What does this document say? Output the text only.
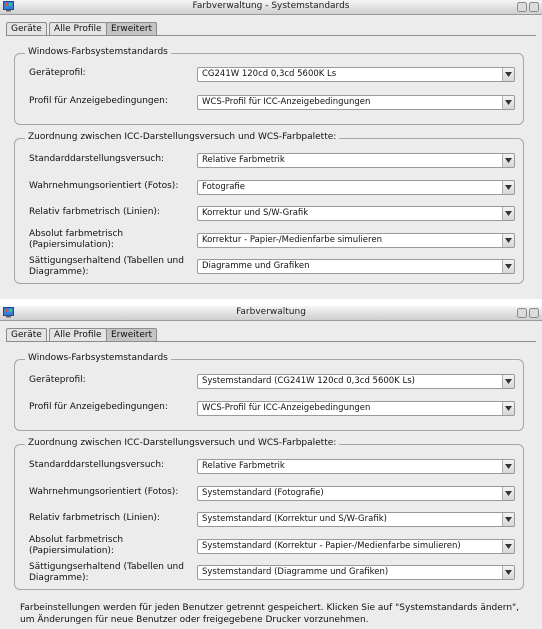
Farbverwaltung - Systemstandards
Geräte	Alle Profile	Erweitert
Windows-Farbsystemstandards
Geräteprofil:	CG241W 120cd 0,3cd 5600K Ls
Profil für Anzeigebedingungen:	WCS-Profil für ICC-Anzeigebedingungen
Zuordnung zwischen ICC-Darstellungsversuch und WCS-Farbpalette:
Standarddarstellungsversuch:	Relative Farbmetrik
Wahrnehmungsorientiert (Fotos):	Fotografie
Relativ farbmetrisch (Linien):	Korrektur und S/W-Grafik
Absolut farbmetrisch (Papiersimulation):	Korrektur - Papier-/Medienfarbe simulieren
Sättigungserhaltend (Tabellen und Diagramme):
Diagramme und Grafiken
Farbverwaltung
Geräte	Alle Profile	Erweitert
Windows-Farbsystemstandards
Geräteprofil:	Systemstandard (CG241W 120cd 0,3cd 5600K Ls)
Profil für Anzeigebedingungen:	WCS-Profil für ICC-Anzeigebedingungen
Zuordnung zwischen ICC-Darstellungsversuch und WCS-Farbpalette:
Standarddarstellungsversuch:	Relative Farbmetrik
Wahrnehmungsorientiert (Fotos):	Systemstandard (Fotografie)
Relativ farbmetrisch (Linien):	Systemstandard (Korrektur und S/W-Grafik)
Absolut farbmetrisch (Papiersimulation):	Systemstandard (Korrektur - Papier-/Medienfarbe simulieren)
Sättigungserhaltend (Tabellen und Diagramme):
Systemstandard (Diagramme und Grafiken)
Farbeinstellungen werden für jeden Benutzer getrennt gespeichert. Klicken Sie auf "Systemstandards ändern", um Änderungen für neue Benutzer oder freigegebene Drucker vorzunehmen.
